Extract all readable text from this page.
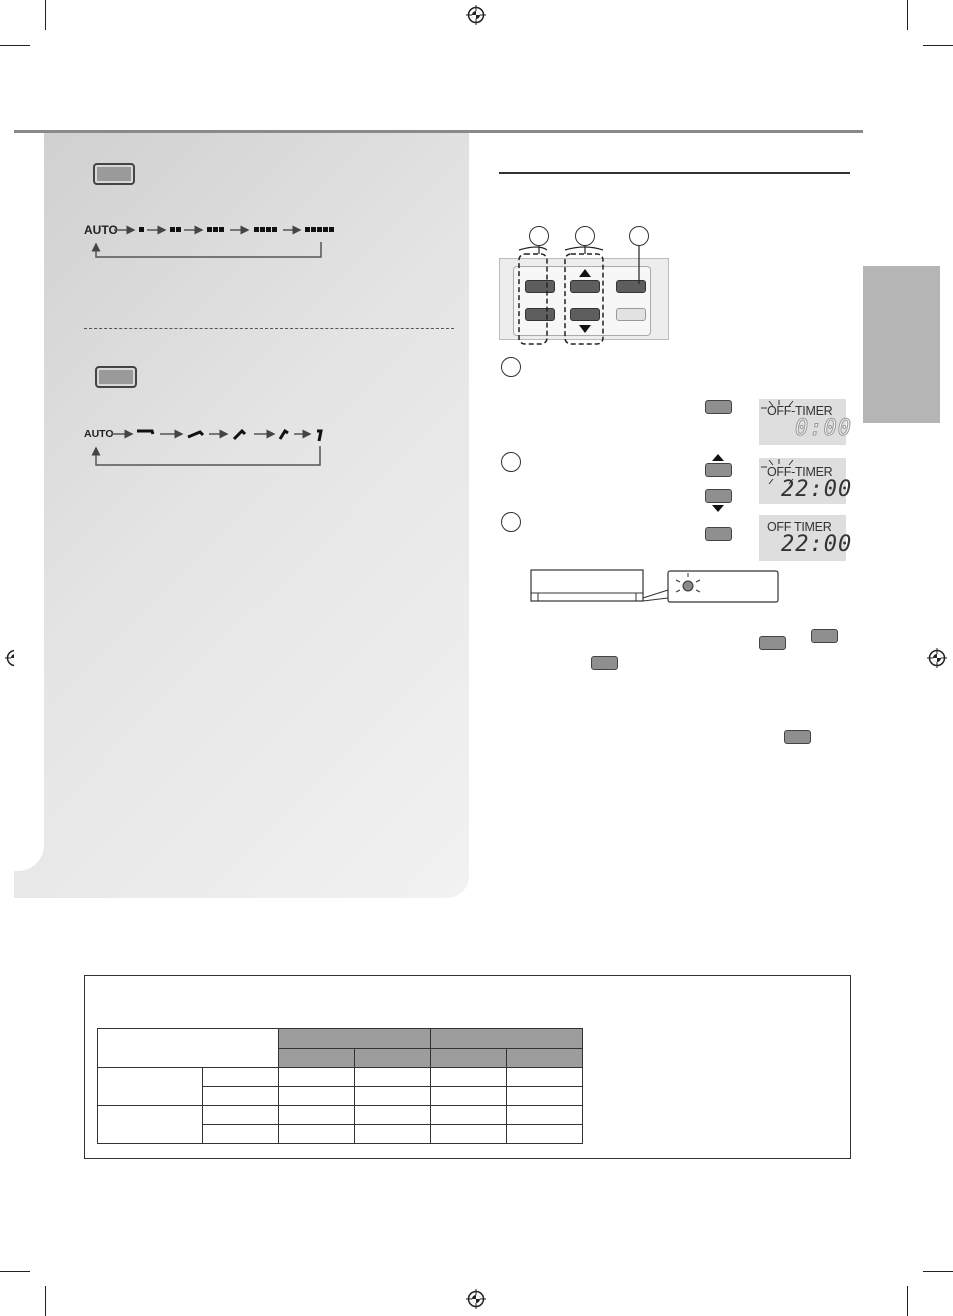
AUTO
AUTO
OFF-TIMER
0:00
OFF-TIMER
22:00
OFF TIMER
22:00
